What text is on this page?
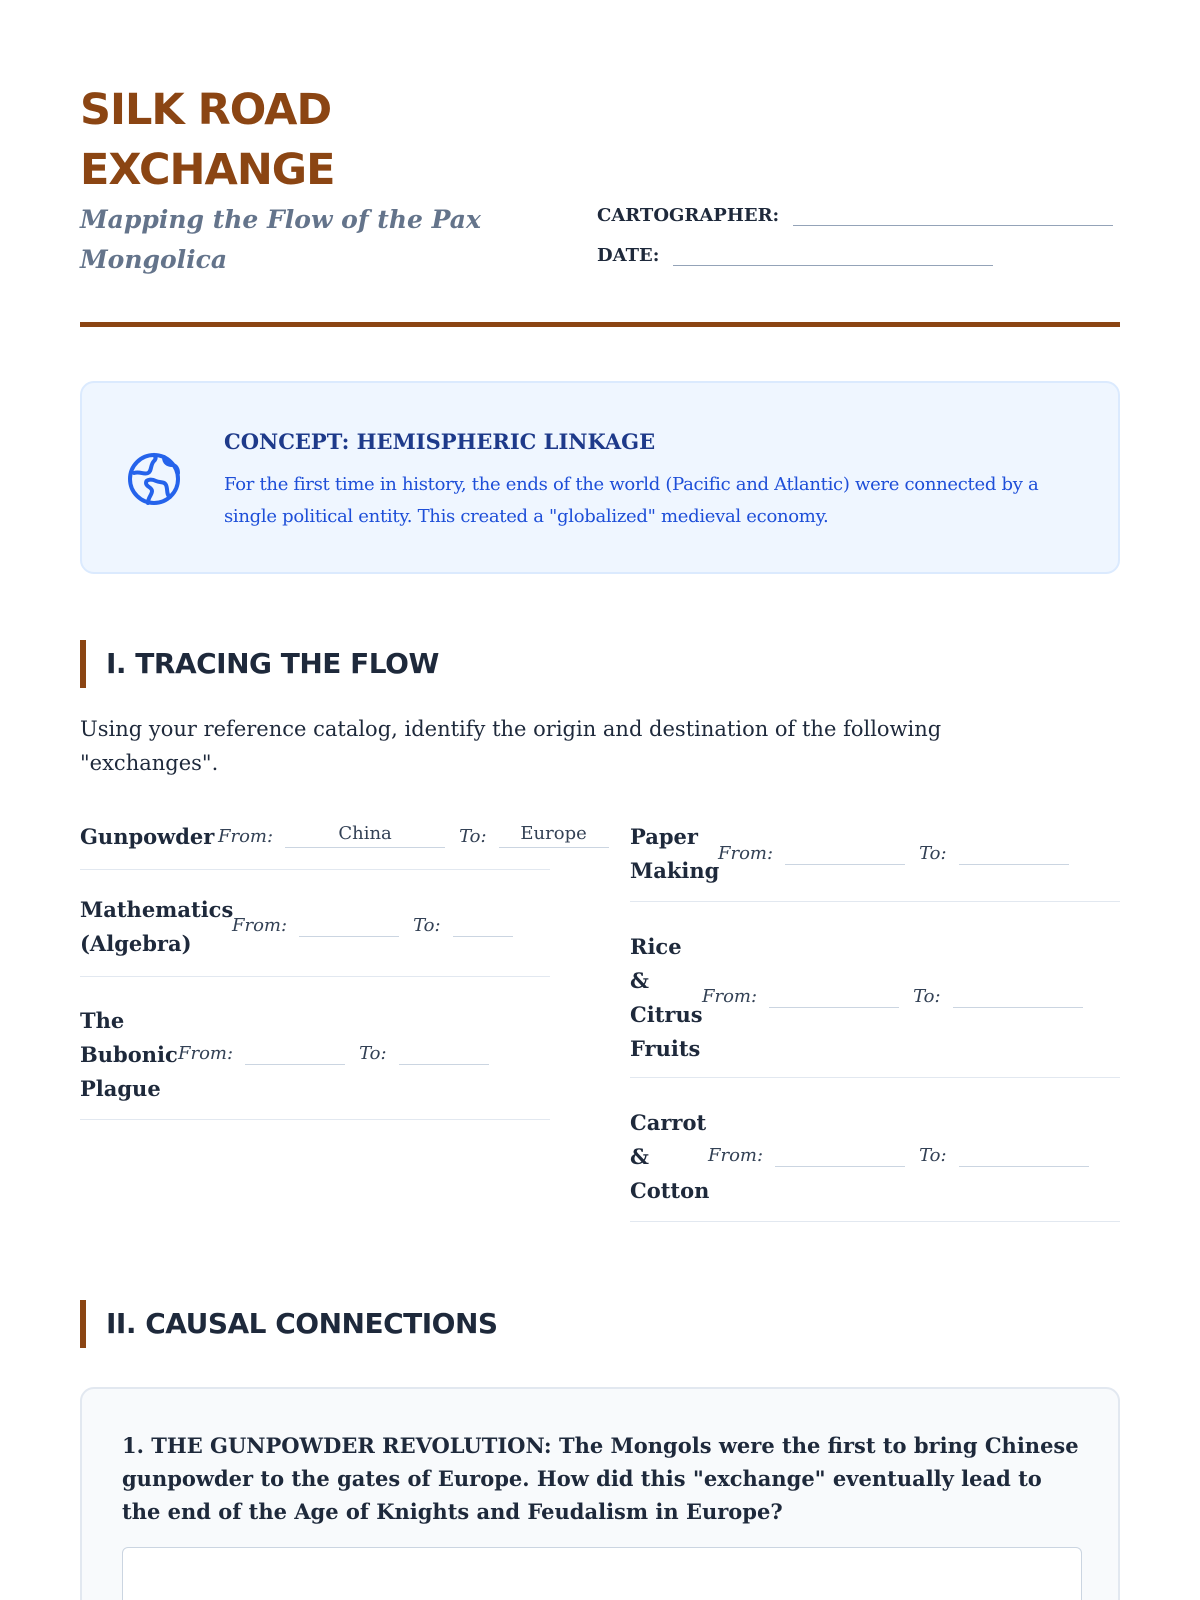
SILK ROAD
EXCHANGE
Mapping the Flow of the Pax Mongolica
CARTOGRAPHER:
DATE:
CONCEPT: HEMISPHERIC LINKAGE
For the first time in history, the ends of the world (Pacific and Atlantic) were connected by a single political entity. This created a "globalized" medieval economy.
I. TRACING THE FLOW
Using your reference catalog, identify the origin and destination of the following "exchanges".
Gunpowder From:	China	To:	Europe
Mathematics (Algebra)
From:	To:
The Bubonic Plague
From:	To:
Paper Making
From:	To:
Rice & Citrus Fruits
From:	To:
Carrot & Cotton
From:	To:
II. CAUSAL CONNECTIONS
1. THE GUNPOWDER REVOLUTION: The Mongols were the first to bring Chinese gunpowder to the gates of Europe. How did this "exchange" eventually lead to the end of the Age of Knights and Feudalism in Europe?
